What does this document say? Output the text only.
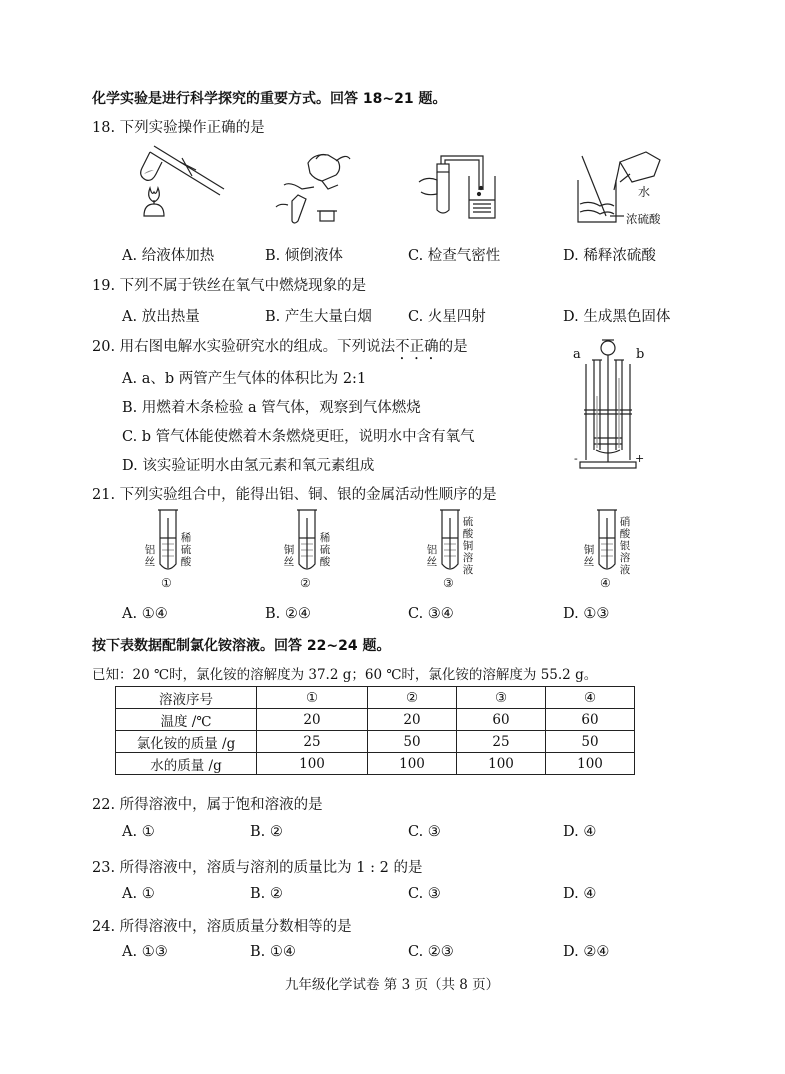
化学实验是进行科学探究的重要方式。回答 18~21 题。
18. 下列实验操作正确的是
水
浓硫酸
A. 给液体加热	B. 倾倒液体	C. 检查气密性	D. 稀释浓硫酸
19. 下列不属于铁丝在氧气中燃烧现象的是
A. 放出热量	B. 产生大量白烟 C. 火星四射	D. 生成黑色固体
20. 用右图电解水实验研究水的组成。下列说法不正确的是
A. a、b 两管产生气体的体积比为 2:1
B. 用燃着木条检验 a 管气体，观察到气体燃烧
C. b 管气体能使燃着木条燃烧更旺，说明水中含有氧气
D. 该实验证明水由氢元素和氧元素组成
a	b
-	+
21. 下列实验组合中，能得出铝、铜、银的金属活动性顺序的是
铝丝
稀硫酸
①
铜丝
稀硫酸
②
铝丝
硫酸铜溶液
③
铜丝
硝酸银溶液
④
A. ①④	B. ②④	C. ③④	D. ①③
按下表数据配制氯化铵溶液。回答 22~24 题。
已知：20 ℃时，氯化铵的溶解度为 37.2 g；60 ℃时，氯化铵的溶解度为 55.2 g。
溶液序号	①	②	③	④
温度 /℃	20	20	60	60
氯化铵的质量 /g	25	50	25	50
水的质量 /g	100	100	100	100
22. 所得溶液中，属于饱和溶液的是
A. ①	B. ②	C. ③	D. ④
23. 所得溶液中，溶质与溶剂的质量比为 1 : 2 的是
A. ①	B. ②	C. ③	D. ④
24. 所得溶液中，溶质质量分数相等的是
A. ①③	B. ①④	C. ②③	D. ②④
九年级化学试卷 第 3 页（共 8 页）
